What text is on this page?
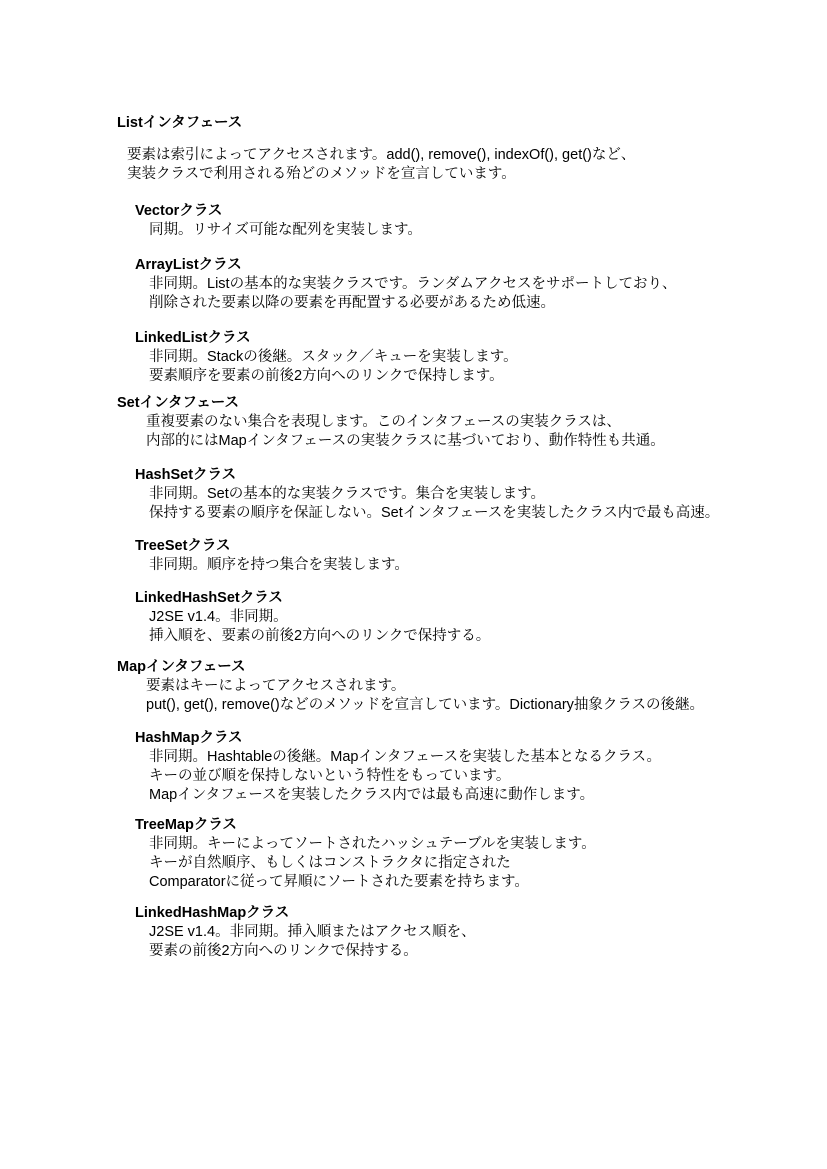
Listインタフェース
要素は索引によってアクセスされます。add(), remove(), indexOf(), get()など、
実装クラスで利用される殆どのメソッドを宣言しています。
Vectorクラス
同期。リサイズ可能な配列を実装します。
ArrayListクラス
非同期。Listの基本的な実装クラスです。ランダムアクセスをサポートしており、
削除された要素以降の要素を再配置する必要があるため低速。
LinkedListクラス
非同期。Stackの後継。スタック／キューを実装します。
要素順序を要素の前後2方向へのリンクで保持します。
Setインタフェース
重複要素のない集合を表現します。このインタフェースの実装クラスは、
内部的にはMapインタフェースの実装クラスに基づいており、動作特性も共通。
HashSetクラス
非同期。Setの基本的な実装クラスです。集合を実装します。
保持する要素の順序を保証しない。Setインタフェースを実装したクラス内で最も高速。
TreeSetクラス
非同期。順序を持つ集合を実装します。
LinkedHashSetクラス
J2SE v1.4。非同期。
挿入順を、要素の前後2方向へのリンクで保持する。
Mapインタフェース
要素はキーによってアクセスされます。
put(), get(), remove()などのメソッドを宣言しています。Dictionary抽象クラスの後継。
HashMapクラス
非同期。Hashtableの後継。Mapインタフェースを実装した基本となるクラス。
キーの並び順を保持しないという特性をもっています。
Mapインタフェースを実装したクラス内では最も高速に動作します。
TreeMapクラス
非同期。キーによってソートされたハッシュテーブルを実装します。
キーが自然順序、もしくはコンストラクタに指定された
Comparatorに従って昇順にソートされた要素を持ちます。
LinkedHashMapクラス
J2SE v1.4。非同期。挿入順またはアクセス順を、
要素の前後2方向へのリンクで保持する。
